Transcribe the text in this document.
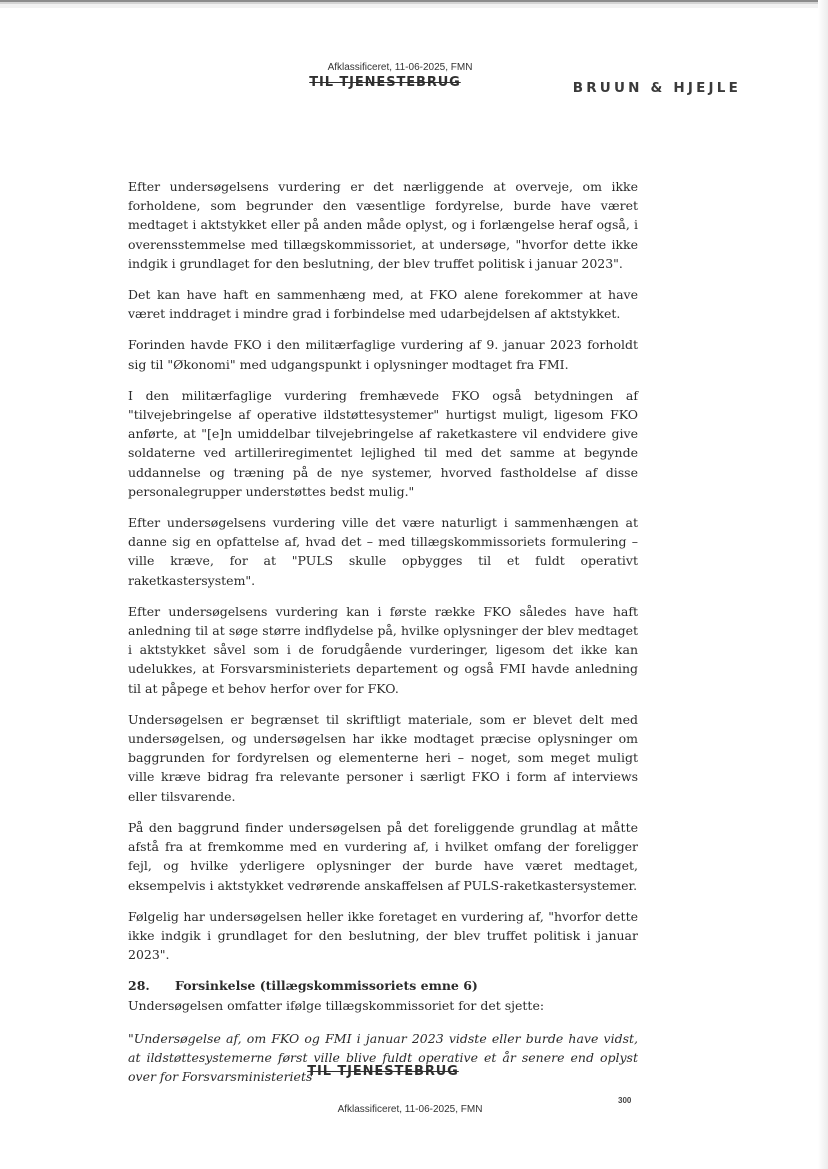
Afklassificeret, 11-06-2025, FMN
TIL TJENESTEBRUG	BRUUN & HJEJLE

Efter undersøgelsens vurdering er det nærliggende at overveje, om ikke forholdene, som begrunder den væsentlige fordyrelse, burde have været medtaget i aktstykket eller på anden måde oplyst, og i forlængelse heraf også, i overensstemmelse med tillægskommissoriet, at undersøge, "hvorfor dette ikke indgik i grundlaget for den beslutning, der blev truffet politisk i januar 2023".

Det kan have haft en sammenhæng med, at FKO alene forekommer at have været inddraget i mindre grad i forbindelse med udarbejdelsen af aktstykket.

Forinden havde FKO i den militærfaglige vurdering af 9. januar 2023 forholdt sig til "Økonomi" med udgangspunkt i oplysninger modtaget fra FMI.

I den militærfaglige vurdering fremhævede FKO også betydningen af "tilvejebringelse af operative ildstøttesystemer" hurtigst muligt, ligesom FKO anførte, at "[e]n umiddelbar tilvejebringelse af raketkastere vil endvidere give soldaterne ved artilleriregimentet lejlighed til med det samme at begynde uddannelse og træning på de nye systemer, hvorved fastholdelse af disse personalegrupper understøttes bedst mulig."

Efter undersøgelsens vurdering ville det være naturligt i sammenhængen at danne sig en opfattelse af, hvad det – med tillægskommissoriets formulering – ville kræve, for at "PULS skulle opbygges til et fuldt operativt raketkastersystem".

Efter undersøgelsens vurdering kan i første række FKO således have haft anledning til at søge større indflydelse på, hvilke oplysninger der blev medtaget i aktstykket såvel som i de forudgående vurderinger, ligesom det ikke kan udelukkes, at Forsvarsministeriets departement og også FMI havde anledning til at påpege et behov herfor over for FKO.

Undersøgelsen er begrænset til skriftligt materiale, som er blevet delt med undersøgelsen, og undersøgelsen har ikke modtaget præcise oplysninger om baggrunden for fordyrelsen og elementerne heri – noget, som meget muligt ville kræve bidrag fra relevante personer i særligt FKO i form af interviews eller tilsvarende.

På den baggrund finder undersøgelsen på det foreliggende grundlag at måtte afstå fra at fremkomme med en vurdering af, i hvilket omfang der foreligger fejl, og hvilke yderligere oplysninger der burde have været medtaget, eksempelvis i aktstykket vedrørende anskaffelsen af PULS-raketkastersystemer.

Følgelig har undersøgelsen heller ikke foretaget en vurdering af, "hvorfor dette ikke indgik i grundlaget for den beslutning, der blev truffet politisk i januar 2023".

28.	Forsinkelse (tillægskommissoriets emne 6)

Undersøgelsen omfatter ifølge tillægskommissoriet for det sjette:

"Undersøgelse af, om FKO og FMI i januar 2023 vidste eller burde have vidst, at ildstøttesystemerne først ville blive fuldt operative et år senere end oplyst over for Forsvarsministeriets

TIL TJENESTEBRUG
300
Afklassificeret, 11-06-2025, FMN
